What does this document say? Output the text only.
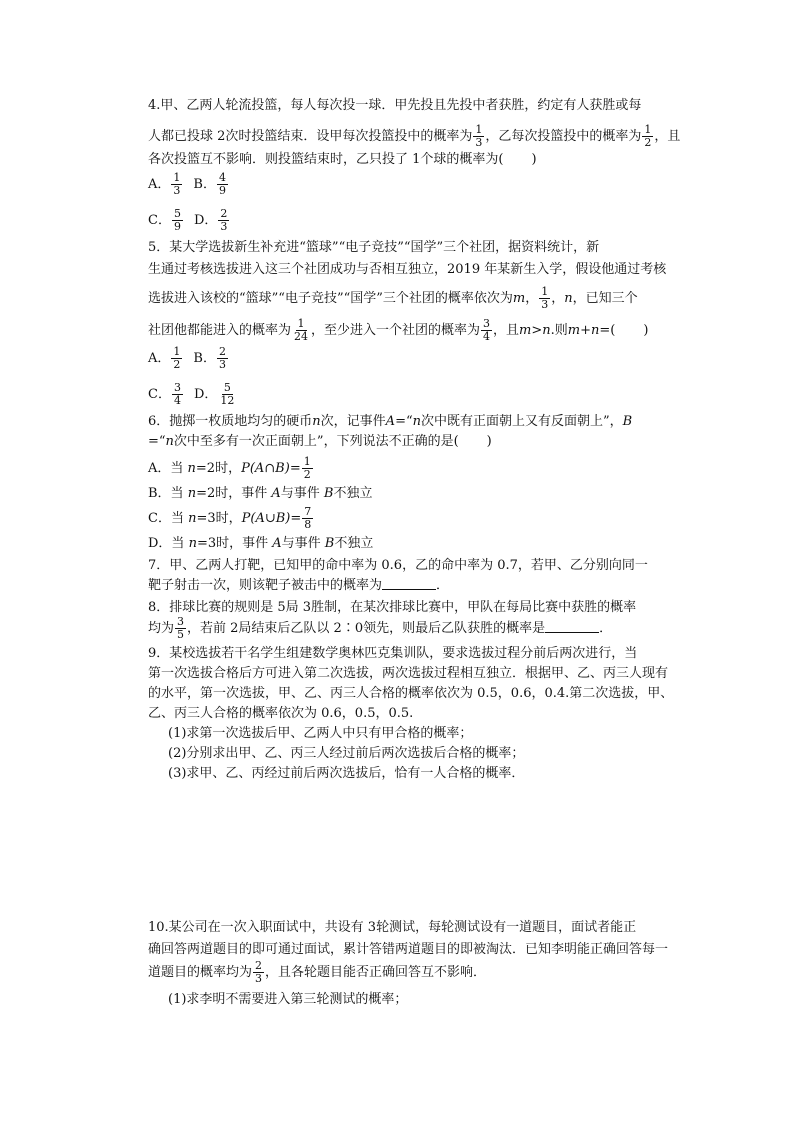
4.甲、乙两人轮流投篮，每人每次投一球．甲先投且先投中者获胜，约定有人获胜或每
人都已投球 2次时投篮结束．设甲每次投篮投中的概率为 $\frac{1}{3}$ ，乙每次投篮投中的概率为 $\frac{1}{2}$ ，且
各次投篮互不影响．则投篮结束时，乙只投了 1个球的概率为( )
A． $\frac{1}{3}$ B． $\frac{4}{9}$
C． $\frac{5}{9}$ D． $\frac{2}{3}$
5．某大学选拔新生补充进“篮球”“电子竞技”“国学”三个社团，据资料统计，新
生通过考核选拔进入这三个社团成功与否相互独立，2019 年某新生入学，假设他通过考核
选拔进入该校的“篮球”“电子竞技”“国学”三个社团的概率依次为m， $\frac{1}{3}$ ，n，已知三个
社团他都能进入的概率为 $\frac{1}{24}$ ，至少进入一个社团的概率为 $\frac{3}{4}$ ，且m>n.则m+n=( )
A． $\frac{1}{2}$ B． $\frac{2}{3}$
C． $\frac{3}{4}$ D． $\frac{5}{12}$
6．抛掷一枚质地均匀的硬币n次，记事件A=“n次中既有正面朝上又有反面朝上”，B
=“n次中至多有一次正面朝上”，下列说法不正确的是( )
A．当 n=2时，P(A∩B)= $\frac{1}{2}$
B．当 n=2时，事件 A与事件 B不独立
C．当 n=3时，P(A∪B)= $\frac{7}{8}$
D．当 n=3时，事件 A与事件 B不独立
7．甲、乙两人打靶，已知甲的命中率为 0.6，乙的命中率为 0.7，若甲、乙分别向同一
靶子射击一次，则该靶子被击中的概率为	．
8．排球比赛的规则是 5局 3胜制，在某次排球比赛中，甲队在每局比赛中获胜的概率
均为 $\frac{3}{5}$ ，若前 2局结束后乙队以 2∶0领先，则最后乙队获胜的概率是	．
9．某校选拔若干名学生组建数学奥林匹克集训队，要求选拔过程分前后两次进行，当
第一次选拔合格后方可进入第二次选拔，两次选拔过程相互独立．根据甲、乙、丙三人现有
的水平，第一次选拔，甲、乙、丙三人合格的概率依次为 0.5，0.6，0.4.第二次选拔，甲、
乙、丙三人合格的概率依次为 0.6，0.5，0.5.
(1)求第一次选拔后甲、乙两人中只有甲合格的概率；
(2)分别求出甲、乙、丙三人经过前后两次选拔后合格的概率；
(3)求甲、乙、丙经过前后两次选拔后，恰有一人合格的概率．
10.某公司在一次入职面试中，共设有 3轮测试，每轮测试设有一道题目，面试者能正
确回答两道题目的即可通过面试，累计答错两道题目的即被淘汰．已知李明能正确回答每一
道题目的概率均为 $\frac{2}{3}$ ，且各轮题目能否正确回答互不影响．
(1)求李明不需要进入第三轮测试的概率；
